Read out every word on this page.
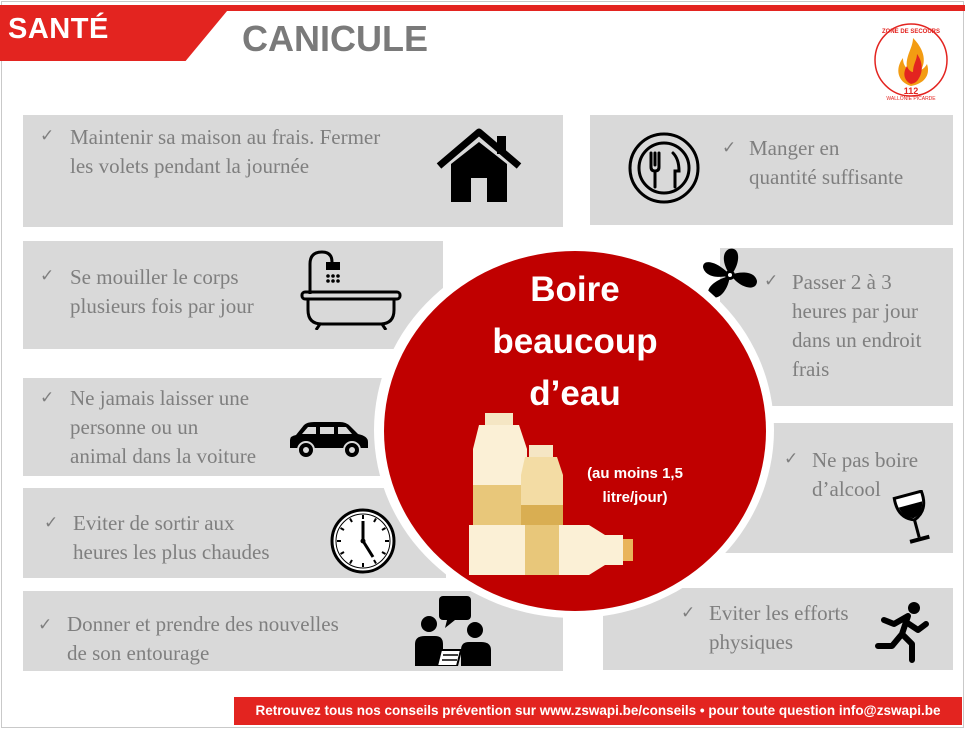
SANTÉ	CANICULE
112
ZONE DE SECOURS
WALLONIE PICARDE
✓ Maintenir sa maison au frais. Fermer
les volets pendant la journée
✓ Se mouiller le corps
plusieurs fois par jour
✓ Ne jamais laisser une
personne ou un
animal dans la voiture
✓ Eviter de sortir aux
heures les plus chaudes
✓ Donner et prendre des nouvelles
de son entourage
✓ Manger en
quantité suffisante
✓ Passer 2 à 3
heures par jour
dans un endroit
frais
✓ Ne pas boire
d’alcool
✓ Eviter les efforts
physiques
Boire
beaucoup
d’eau
(au moins 1,5
litre/jour)
Retrouvez tous nos conseils prévention sur www.zswapi.be/conseils • pour toute question info@zswapi.be
